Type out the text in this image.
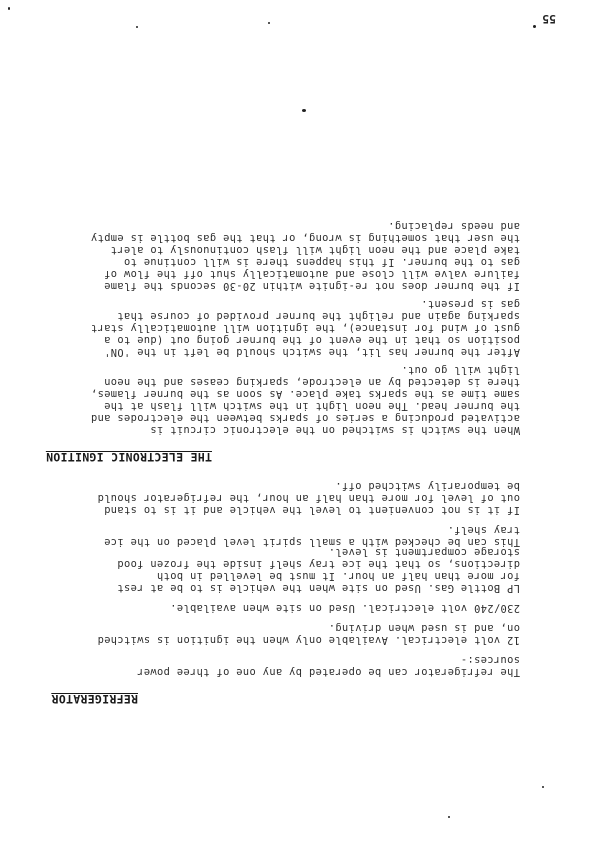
55
REFRIGERATOR
The refrigerator can be operated by any one of three power
sources:-
12 volt electrical. Available only when the ignition is switched
on, and is used when driving.
230/240 volt electrical. Used on site when available.
LP Bottle Gas. Used on site when the vehicle is to be at rest
for more than half an hour. It must be levelled in both
directions, so that the ice tray shelf inside the frozen food
storage compartment is level.
This can be checked with a small spirit level placed on the ice
tray shelf.
If it is not convenient to level the vehicle and it is to stand
out of level for more than half an hour, the refrigerator should
be temporarily switched off.
THE ELECTRONIC IGNITION
When the switch is switched on the electronic circuit is
activated producing a series of sparks between the electrodes and
the burner head. The neon light in the switch will flash at the
same time as the sparks take place. As soon as the burner flames,
there is detected by an electrode, sparking ceases and the neon
light will go out.
After the burner has lit, the switch should be left in the 'ON'
position so that in the event of the burner going out (due to a
gust of wind for instance), the ignition will automatically start
sparking again and relight the burner provided of course that
gas is present.
If the burner does not re-ignite within 20-30 seconds the flame
failure valve will close and automatically shut off the flow of
gas to the burner. If this happens there is will continue to
take place and the neon light will flash continuously to alert
the user that something is wrong, or that the gas bottle is empty
and needs replacing.
